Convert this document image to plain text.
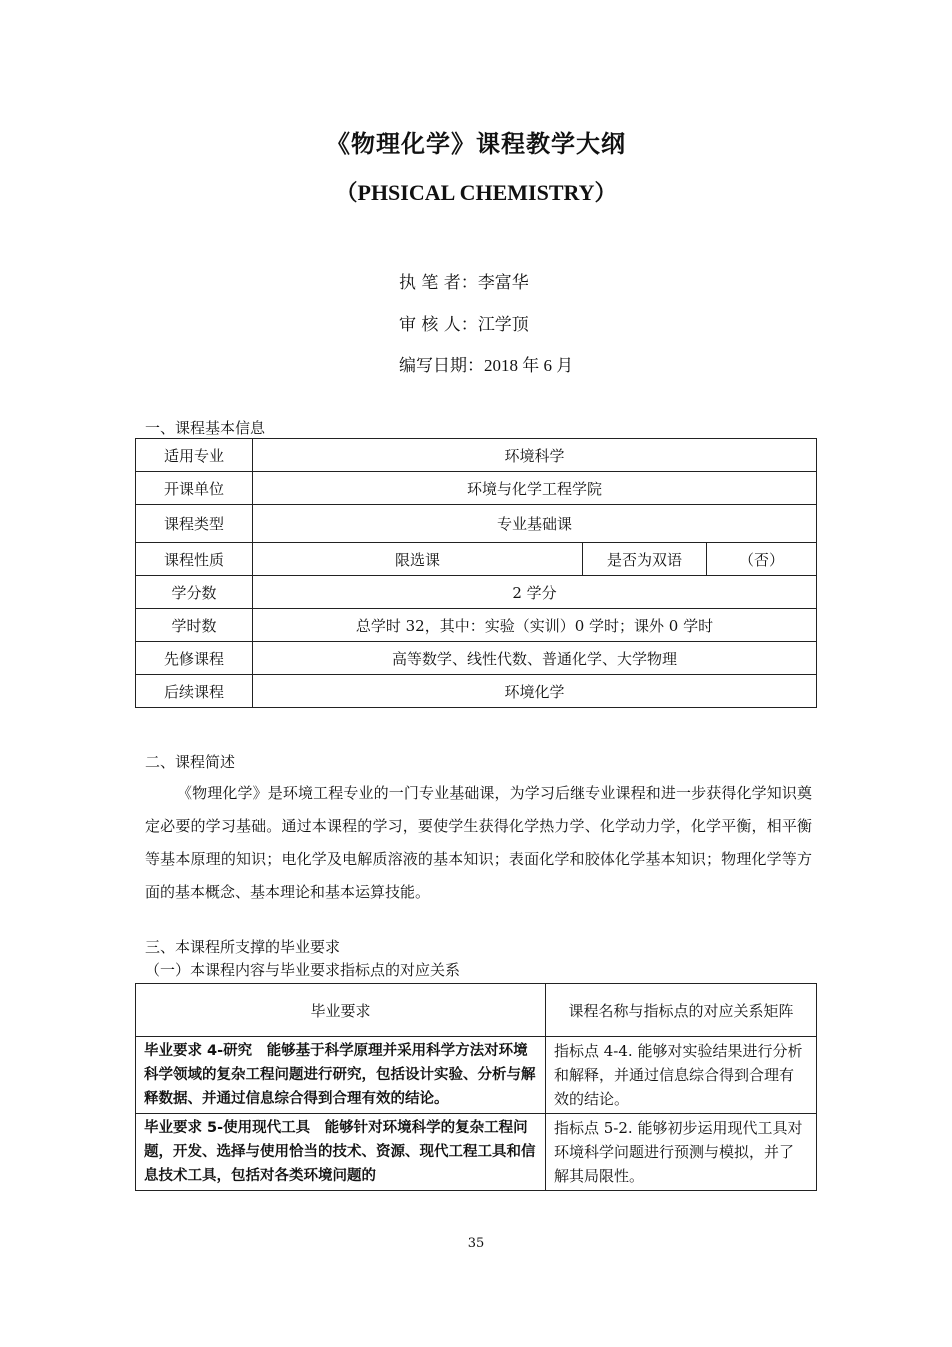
《物理化学》课程教学大纲
（PHSICAL CHEMISTRY）
执 笔 者：李富华
审 核 人：江学顶
编写日期：2018 年 6 月
一、课程基本信息
适用专业	环境科学		
开课单位	环境与化学工程学院		
课程类型	专业基础课		
课程性质	限选课	是否为双语	（否）
学分数	2 学分		
学时数	总学时 32，其中：实验（实训）0 学时；课外 0 学时		
先修课程	高等数学、线性代数、普通化学、大学物理		
后续课程	环境化学		
二、课程简述
《物理化学》是环境工程专业的一门专业基础课，为学习后继专业课程和进一步获得化学知识奠定必要的学习基础。通过本课程的学习，要使学生获得化学热力学、化学动力学，化学平衡，相平衡等基本原理的知识；电化学及电解质溶液的基本知识；表面化学和胶体化学基本知识；物理化学等方面的基本概念、基本理论和基本运算技能。
三、本课程所支撑的毕业要求
（一）本课程内容与毕业要求指标点的对应关系
毕业要求	课程名称与指标点的对应关系矩阵
毕业要求 4-研究　能够基于科学原理并采用科学方法对环境科学领域的复杂工程问题进行研究，包括设计实验、分析与解释数据、并通过信息综合得到合理有效的结论。	指标点 4-4. 能够对实验结果进行分析和解释，并通过信息综合得到合理有效的结论。
毕业要求 5-使用现代工具　能够针对环境科学的复杂工程问题，开发、选择与使用恰当的技术、资源、现代工程工具和信息技术工具，包括对各类环境问题的	指标点 5-2. 能够初步运用现代工具对环境科学问题进行预测与模拟，并了解其局限性。
35
